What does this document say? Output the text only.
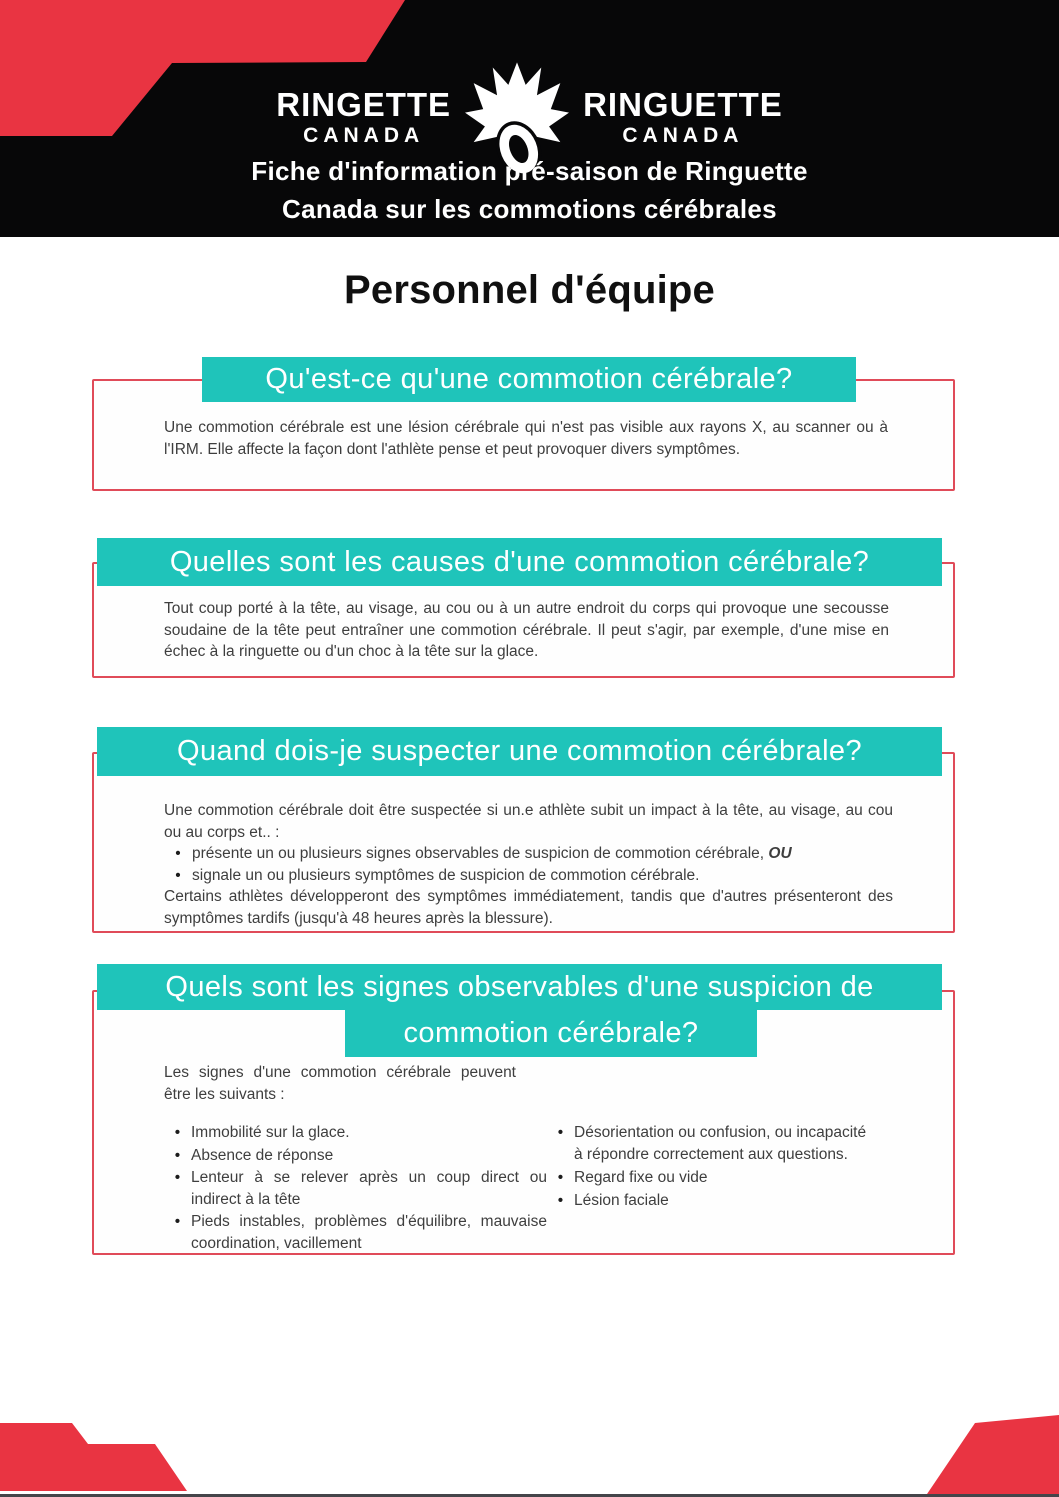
RINGETTE
CANADA
RINGUETTE
CANADA
Fiche d'information pré-saison de Ringuette
Canada sur les commotions cérébrales
Personnel d'équipe
Une commotion cérébrale est une lésion cérébrale qui n'est pas visible aux rayons X, au scanner ou à l'IRM. Elle affecte la façon dont l'athlète pense et peut provoquer divers symptômes.
Qu'est-ce qu'une commotion cérébrale?
Tout coup porté à la tête, au visage, au cou ou à un autre endroit du corps qui provoque une secousse soudaine de la tête peut entraîner une commotion cérébrale. Il peut s'agir, par exemple, d'une mise en échec à la ringuette ou d'un choc à la tête sur la glace.
Quelles sont les causes d'une commotion cérébrale?
Une commotion cérébrale doit être suspectée si un.e athlète subit un impact à la tête, au visage, au cou ou au corps et.. :
• présente un ou plusieurs signes observables de suspicion de commotion cérébrale, OU
• signale un ou plusieurs symptômes de suspicion de commotion cérébrale.
Certains athlètes développeront des symptômes immédiatement, tandis que d'autres présenteront des symptômes tardifs (jusqu'à 48 heures après la blessure).
Quand dois-je suspecter une commotion cérébrale?
Les signes d'une commotion cérébrale peuvent être les suivants :
• Immobilité sur la glace.
• Absence de réponse
• Lenteur à se relever après un coup direct ou indirect à la tête
• Pieds instables, problèmes d'équilibre, mauvaise coordination, vacillement
• Désorientation ou confusion, ou incapacité à répondre correctement aux questions.
• Regard fixe ou vide
• Lésion faciale
Quels sont les signes observables d'une suspicion de
commotion cérébrale?
